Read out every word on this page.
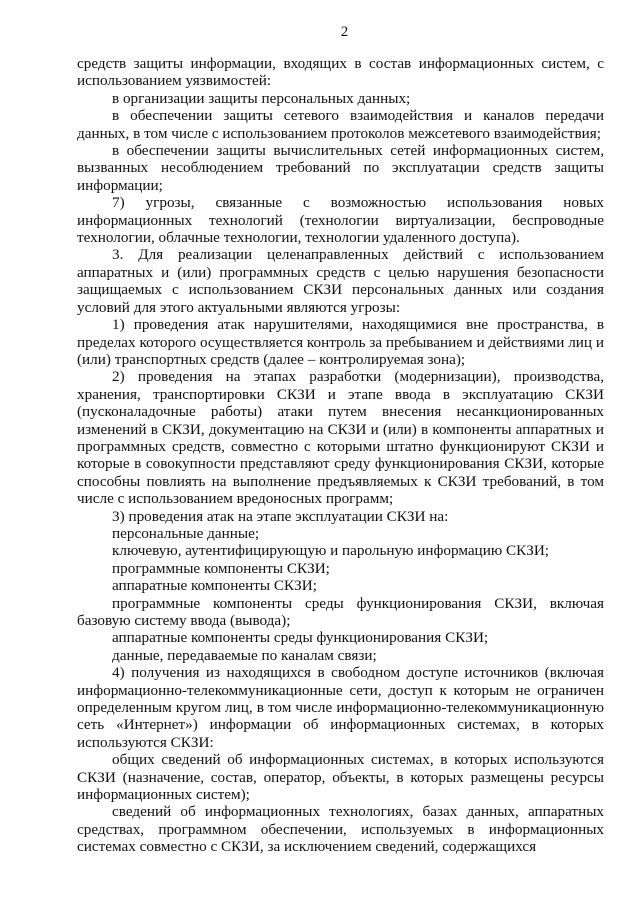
2

средств защиты информации, входящих в состав информационных систем, с использованием уязвимостей:

в организации защиты персональных данных;

в обеспечении защиты сетевого взаимодействия и каналов передачи данных, в том числе с использованием протоколов межсетевого взаимодействия;

в обеспечении защиты вычислительных сетей информационных систем, вызванных несоблюдением требований по эксплуатации средств защиты информации;

7) угрозы, связанные с возможностью использования новых информационных технологий (технологии виртуализации, беспроводные технологии, облачные технологии, технологии удаленного доступа).

3. Для реализации целенаправленных действий с использованием аппаратных и (или) программных средств с целью нарушения безопасности защищаемых с использованием СКЗИ персональных данных или создания условий для этого актуальными являются угрозы:

1) проведения атак нарушителями, находящимися вне пространства, в пределах которого осуществляется контроль за пребыванием и действиями лиц и (или) транспортных средств (далее – контролируемая зона);

2) проведения на этапах разработки (модернизации), производства, хранения, транспортировки СКЗИ и этапе ввода в эксплуатацию СКЗИ (пусконаладочные работы) атаки путем внесения несанкционированных изменений в СКЗИ, документацию на СКЗИ и (или) в компоненты аппаратных и программных средств, совместно с которыми штатно функционируют СКЗИ и которые в совокупности представляют среду функционирования СКЗИ, которые способны повлиять на выполнение предъявляемых к СКЗИ требований, в том числе с использованием вредоносных программ;

3) проведения атак на этапе эксплуатации СКЗИ на:

персональные данные;

ключевую, аутентифицирующую и парольную информацию СКЗИ;

программные компоненты СКЗИ;

аппаратные компоненты СКЗИ;

программные компоненты среды функционирования СКЗИ, включая базовую систему ввода (вывода);

аппаратные компоненты среды функционирования СКЗИ;

данные, передаваемые по каналам связи;

4) получения из находящихся в свободном доступе источников (включая информационно-телекоммуникационные сети, доступ к которым не ограничен определенным кругом лиц, в том числе информационно-телекоммуникационную сеть «Интернет») информации об информационных системах, в которых используются СКЗИ:

общих сведений об информационных системах, в которых используются СКЗИ (назначение, состав, оператор, объекты, в которых размещены ресурсы информационных систем);

сведений об информационных технологиях, базах данных, аппаратных средствах, программном обеспечении, используемых в информационных системах совместно с СКЗИ, за исключением сведений, содержащихся
